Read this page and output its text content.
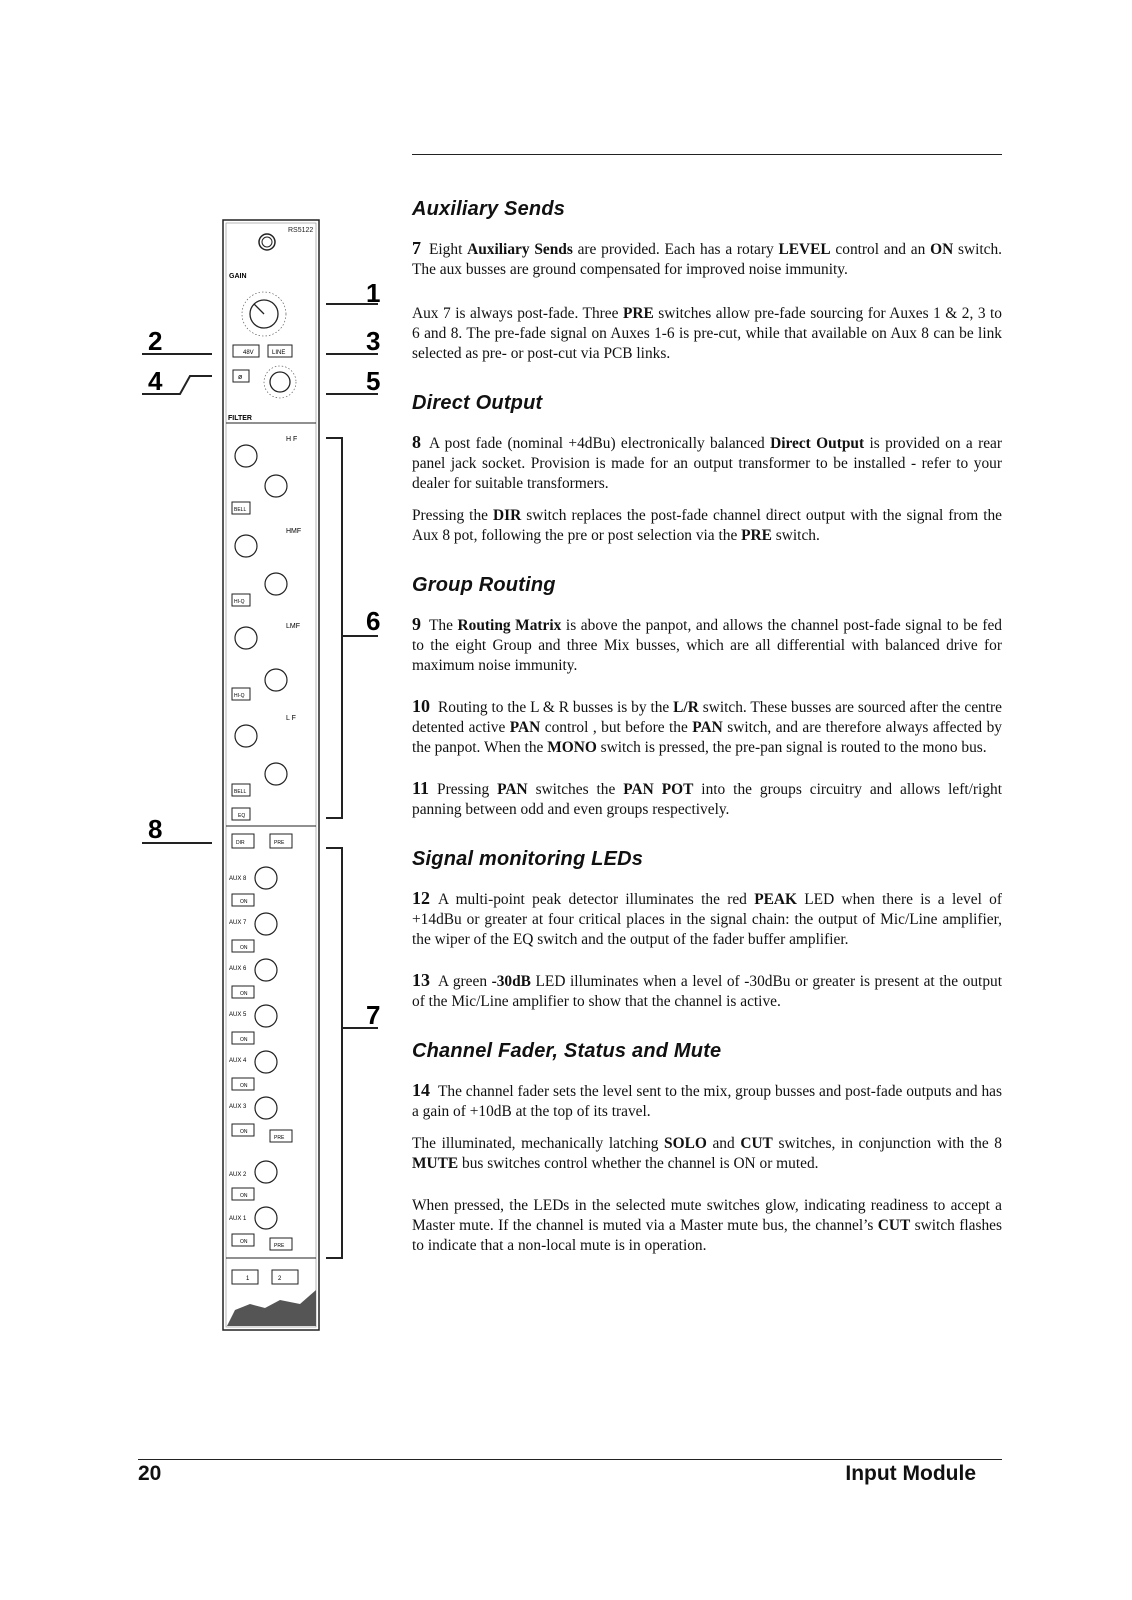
RS5122
GAIN
48V	LINE
ø
FILTER
H F
BELL
HMF
HI-Q
LMF
HI-Q
L F
BELL
EQ
DIR	PRE
AUX 8
ON
AUX 7
ON
AUX 6
ON
AUX 5
ON
AUX 4
ON
AUX 3
ON
PRE
AUX 2
ON
AUX 1
ON
PRE
1	2
1
2	3
4	5
6
7
8
20	Input Module
Auxiliary Sends

7 Eight Auxiliary Sends are provided. Each has a rotary LEVEL control and an ON switch. The aux busses are ground compensated for improved noise immunity.

Aux 7 is always post-fade. Three PRE switches allow pre-fade sourcing for Auxes 1 & 2, 3 to 6 and 8. The pre-fade signal on Auxes 1-6 is pre-cut, while that available on Aux 8 can be link selected as pre- or post-cut via PCB links.

Direct Output

8 A post fade (nominal +4dBu) electronically balanced Direct Output is provided on a rear panel jack socket. Provision is made for an output transformer to be installed - refer to your dealer for suitable transformers.

Pressing the DIR switch replaces the post-fade channel direct output with the signal from the Aux 8 pot, following the pre or post selection via the PRE switch.

Group Routing

9 The Routing Matrix is above the panpot, and allows the channel post-fade signal to be fed to the eight Group and three Mix busses, which are all differential with balanced drive for maximum noise immunity.

10 Routing to the L & R busses is by the L/R switch. These busses are sourced after the centre detented active PAN control , but before the PAN switch, and are therefore always affected by the panpot. When the MONO switch is pressed, the pre-pan signal is routed to the mono bus.

11 Pressing PAN switches the PAN POT into the groups circuitry and allows left/right panning between odd and even groups respectively.

Signal monitoring LEDs

12 A multi-point peak detector illuminates the red PEAK LED when there is a level of +14dBu or greater at four critical places in the signal chain: the output of Mic/Line amplifier, the wiper of the EQ switch and the output of the fader buffer amplifier.

13 A green -30dB LED illuminates when a level of -30dBu or greater is present at the output of the Mic/Line amplifier to show that the channel is active.

Channel Fader, Status and Mute

14 The channel fader sets the level sent to the mix, group busses and post-fade outputs and has a gain of +10dB at the top of its travel.

The illuminated, mechanically latching SOLO and CUT switches, in conjunction with the 8 MUTE bus switches control whether the channel is ON or muted.

When pressed, the LEDs in the selected mute switches glow, indicating readiness to accept a Master mute. If the channel is muted via a Master mute bus, the channel’s CUT switch flashes to indicate that a non-local mute is in operation.
